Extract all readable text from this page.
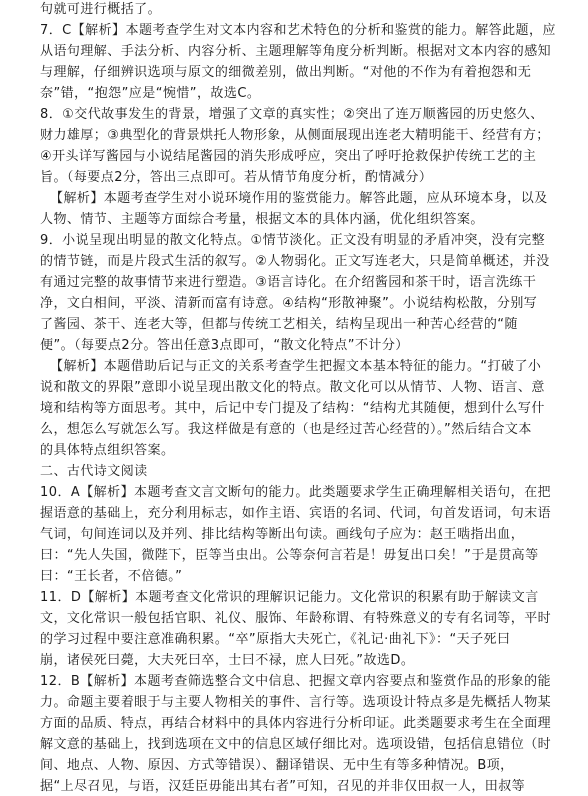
句就可进行概括了。
7．C【解析】本题考查学生对文本内容和艺术特色的分析和鉴赏的能力。解答此题，应
从语句理解、手法分析、内容分析、主题理解等角度分析判断。根据对文本内容的感知
与理解，仔细辨识选项与原文的细微差别，做出判断。“对他的不作为有着抱怨和无
奈”错，“抱怨”应是“惋惜”，故选C。
8．①交代故事发生的背景，增强了文章的真实性；②突出了连万顺酱园的历史悠久、
财力雄厚；③典型化的背景烘托人物形象，从侧面展现出连老大精明能干、经营有方；
④开头详写酱园与小说结尾酱园的消失形成呼应，突出了呼吁抢救保护传统工艺的主
旨。（每要点2分，答出三点即可。若从情节角度分析，酌情减分）
【解析】本题考查学生对小说环境作用的鉴赏能力。解答此题，应从环境本身，以及
人物、情节、主题等方面综合考量，根据文本的具体内涵，优化组织答案。
9．小说呈现出明显的散文化特点。①情节淡化。正文没有明显的矛盾冲突，没有完整
的情节链，而是片段式生活的叙写。②人物弱化。正文写连老大，只是简单概述，并没
有通过完整的故事情节来进行塑造。③语言诗化。在介绍酱园和茶干时，语言洗练干
净，文白相间，平淡、清新而富有诗意。④结构“形散神聚”。小说结构松散，分别写
了酱园、茶干、连老大等，但都与传统工艺相关，结构呈现出一种苦心经营的“随
便”。（每要点2分。答出任意3点即可，“散文化特点”不计分）
【解析】本题借助后记与正文的关系考查学生把握文本基本特征的能力。“打破了小
说和散文的界限”意即小说呈现出散文化的特点。散文化可以从情节、人物、语言、意
境和结构等方面思考。其中，后记中专门提及了结构：“结构尤其随便，想到什么写什
么，想怎么写就怎么写。我这样做是有意的（也是经过苦心经营的）。”然后结合文本
的具体特点组织答案。
二、古代诗文阅读
10．A【解析】本题考查文言文断句的能力。此类题要求学生正确理解相关语句，在把
握语意的基础上，充分利用标志，如作主语、宾语的名词、代词，句首发语词，句末语
气词，句间连词以及并列、排比结构等断出句读。画线句子应为：赵王啮指出血，
曰：“先人失国，微陛下，臣等当虫出。公等奈何言若是！毋复出口矣！”于是贯高等
曰：“王长者，不倍德。”
11．D【解析】本题考查文化常识的理解识记能力。文化常识的积累有助于解读文言
文，文化常识一般包括官职、礼仪、服饰、年龄称谓、有特殊意义的专有名词等，平时
的学习过程中要注意准确积累。“卒”原指大夫死亡，《礼记·曲礼下》：“天子死曰
崩，诸侯死曰薨，大夫死曰卒，士曰不禄，庶人曰死。”故选D。
12．B【解析】本题考查筛选整合文中信息、把握文章内容要点和鉴赏作品的形象的能
力。命题主要着眼于与主要人物相关的事件、言行等。选项设计特点多是先概括人物某
方面的品质、特点，再结合材料中的具体内容进行分析印证。此类题要求考生在全面理
解文意的基础上，找到选项在文中的信息区域仔细比对。选项设错，包括信息错位（时
间、地点、人物、原因、方式等错误）、翻译错误、无中生有等多种情况。B项，
据“上尽召见，与语，汉廷臣毋能出其右者”可知，召见的并非仅田叔一人，田叔等
